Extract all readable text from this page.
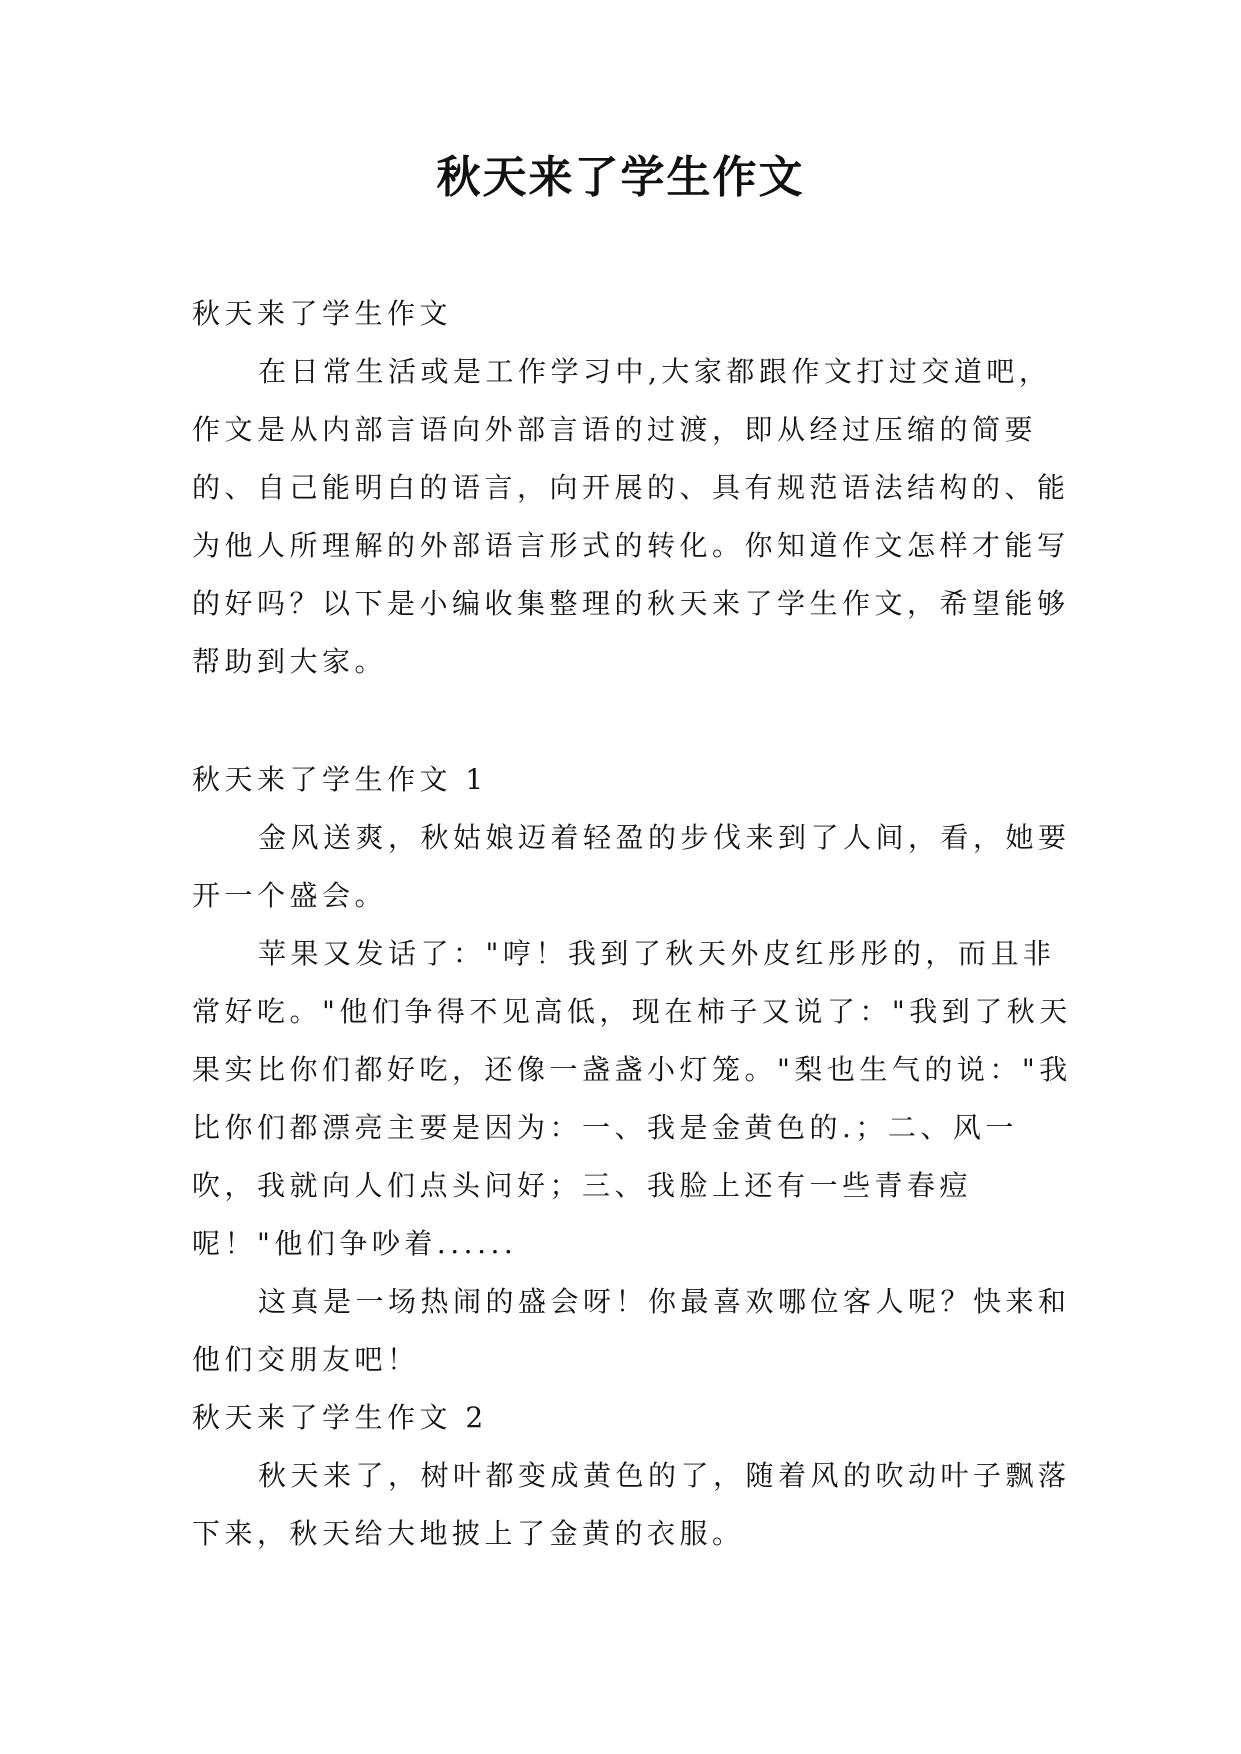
秋天来了学生作文

秋天来了学生作文

在日常生活或是工作学习中,大家都跟作文打过交道吧，作文是从内部言语向外部言语的过渡，即从经过压缩的简要的、自己能明白的语言，向开展的、具有规范语法结构的、能为他人所理解的外部语言形式的转化。你知道作文怎样才能写的好吗？以下是小编收集整理的秋天来了学生作文，希望能够帮助到大家。

秋天来了学生作文 1

金风送爽，秋姑娘迈着轻盈的步伐来到了人间，看，她要开一个盛会。

苹果又发话了："哼！我到了秋天外皮红彤彤的，而且非常好吃。"他们争得不见高低，现在柿子又说了："我到了秋天果实比你们都好吃，还像一盏盏小灯笼。"梨也生气的说："我比你们都漂亮主要是因为：一、我是金黄色的.；二、风一吹，我就向人们点头问好；三、我脸上还有一些青春痘呢！"他们争吵着......

这真是一场热闹的盛会呀！你最喜欢哪位客人呢？快来和他们交朋友吧！

秋天来了学生作文 2

秋天来了，树叶都变成黄色的了，随着风的吹动叶子飘落下来，秋天给大地披上了金黄的衣服。
